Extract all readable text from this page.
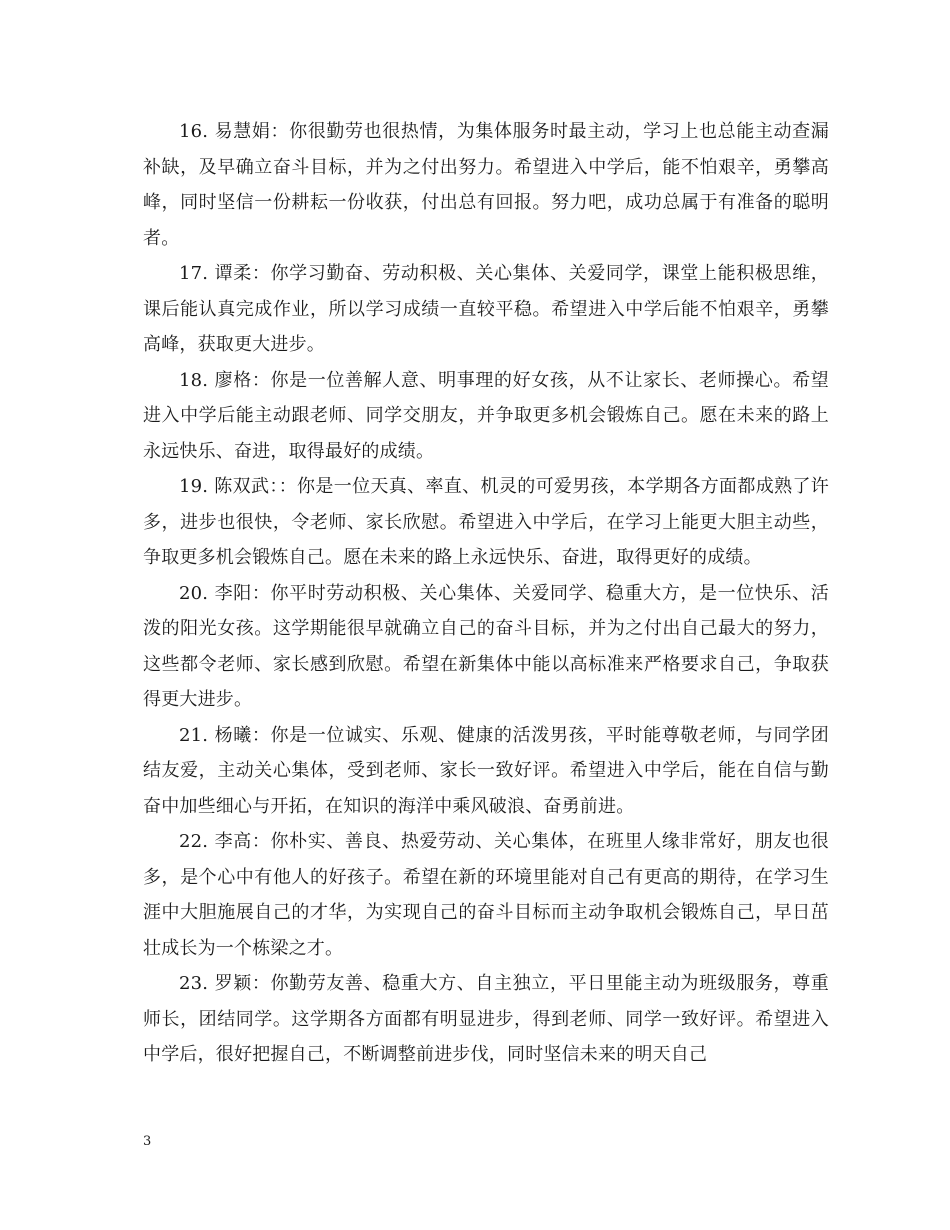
16. 易慧娟：你很勤劳也很热情，为集体服务时最主动，学习上也总能主动查漏补缺，及早确立奋斗目标，并为之付出努力。希望进入中学后，能不怕艰辛，勇攀高峰，同时坚信一份耕耘一份收获，付出总有回报。努力吧，成功总属于有准备的聪明者。

17. 谭柔：你学习勤奋、劳动积极、关心集体、关爱同学，课堂上能积极思维，课后能认真完成作业，所以学习成绩一直较平稳。希望进入中学后能不怕艰辛，勇攀高峰，获取更大进步。

18. 廖格：你是一位善解人意、明事理的好女孩，从不让家长、老师操心。希望进入中学后能主动跟老师、同学交朋友，并争取更多机会锻炼自己。愿在未来的路上永远快乐、奋进，取得最好的成绩。

19. 陈双武：：你是一位天真、率直、机灵的可爱男孩，本学期各方面都成熟了许多，进步也很快，令老师、家长欣慰。希望进入中学后，在学习上能更大胆主动些，争取更多机会锻炼自己。愿在未来的路上永远快乐、奋进，取得更好的成绩。

20. 李阳：你平时劳动积极、关心集体、关爱同学、稳重大方，是一位快乐、活泼的阳光女孩。这学期能很早就确立自己的奋斗目标，并为之付出自己最大的努力，这些都令老师、家长感到欣慰。希望在新集体中能以高标准来严格要求自己，争取获得更大进步。

21. 杨曦：你是一位诚实、乐观、健康的活泼男孩，平时能尊敬老师，与同学团结友爱，主动关心集体，受到老师、家长一致好评。希望进入中学后，能在自信与勤奋中加些细心与开拓，在知识的海洋中乘风破浪、奋勇前进。

22. 李高：你朴实、善良、热爱劳动、关心集体，在班里人缘非常好，朋友也很多，是个心中有他人的好孩子。希望在新的环境里能对自己有更高的期待，在学习生涯中大胆施展自己的才华，为实现自己的奋斗目标而主动争取机会锻炼自己，早日茁壮成长为一个栋梁之才。

23. 罗颖：你勤劳友善、稳重大方、自主独立，平日里能主动为班级服务，尊重师长，团结同学。这学期各方面都有明显进步，得到老师、同学一致好评。希望进入中学后，很好把握自己，不断调整前进步伐，同时坚信未来的明天自己

3
